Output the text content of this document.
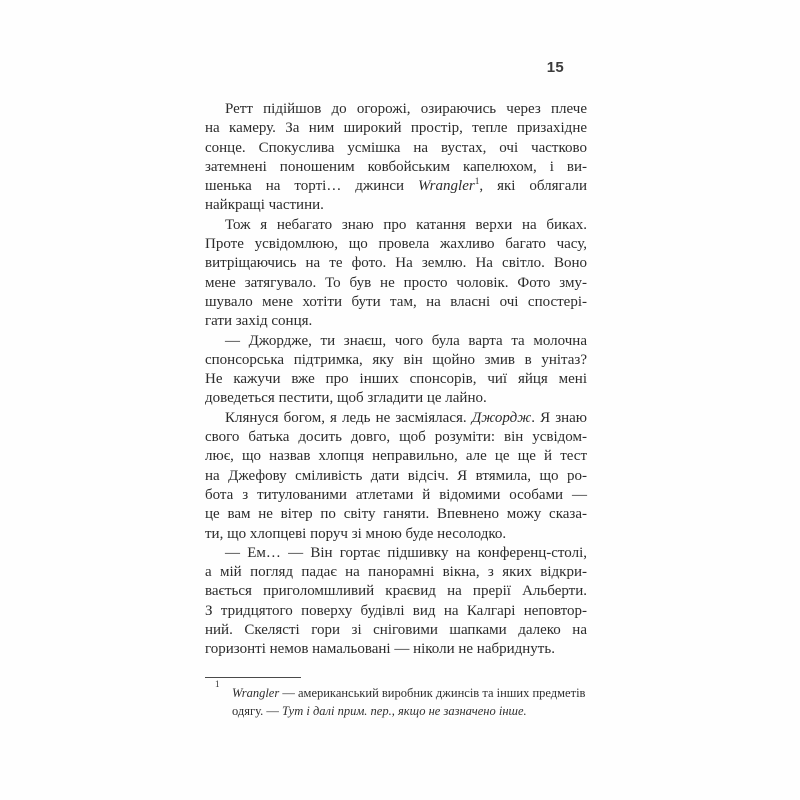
15
Ретт підійшов до огорожі, озираючись через плече
на камеру. За ним широкий простір, тепле призахідне
сонце. Спокуслива усмішка на вустах, очі частково
затемнені поношеним ковбойським капелюхом, і ви-
шенька на торті… джинси Wrangler$^1$, які облягали
найкращі частини.
Тож я небагато знаю про катання верхи на биках.
Проте усвідомлюю, що провела жахливо багато часу,
витріщаючись на те фото. На землю. На світло. Воно
мене затягувало. То був не просто чоловік. Фото зму-
шувало мене хотіти бути там, на власні очі спостері-
гати захід сонця.
— Джордже, ти знаєш, чого була варта та молочна
спонсорська підтримка, яку він щойно змив в унітаз?
Не кажучи вже про інших спонсорів, чиї яйця мені
доведеться пестити, щоб згладити це лайно.
Клянуся богом, я ледь не засміялася. Джордж. Я знаю
свого батька досить довго, щоб розуміти: він усвідом-
лює, що назвав хлопця неправильно, але це ще й тест
на Джефову сміливість дати відсіч. Я втямила, що ро-
бота з титулованими атлетами й відомими особами —
це вам не вітер по світу ганяти. Впевнено можу сказа-
ти, що хлопцеві поруч зі мною буде несолодко.
— Ем… — Він гортає підшивку на конференц-столі,
а мій погляд падає на панорамні вікна, з яких відкри-
вається приголомшливий краєвид на прерії Альберти.
З тридцятого поверху будівлі вид на Калгарі неповтор-
ний. Скелясті гори зі сніговими шапками далеко на
горизонті немов намальовані — ніколи не набриднуть.
1
Wrangler — американський виробник джинсів та інших предметів
одягу. — Тут і далі прим. пер., якщо не зазначено інше.
